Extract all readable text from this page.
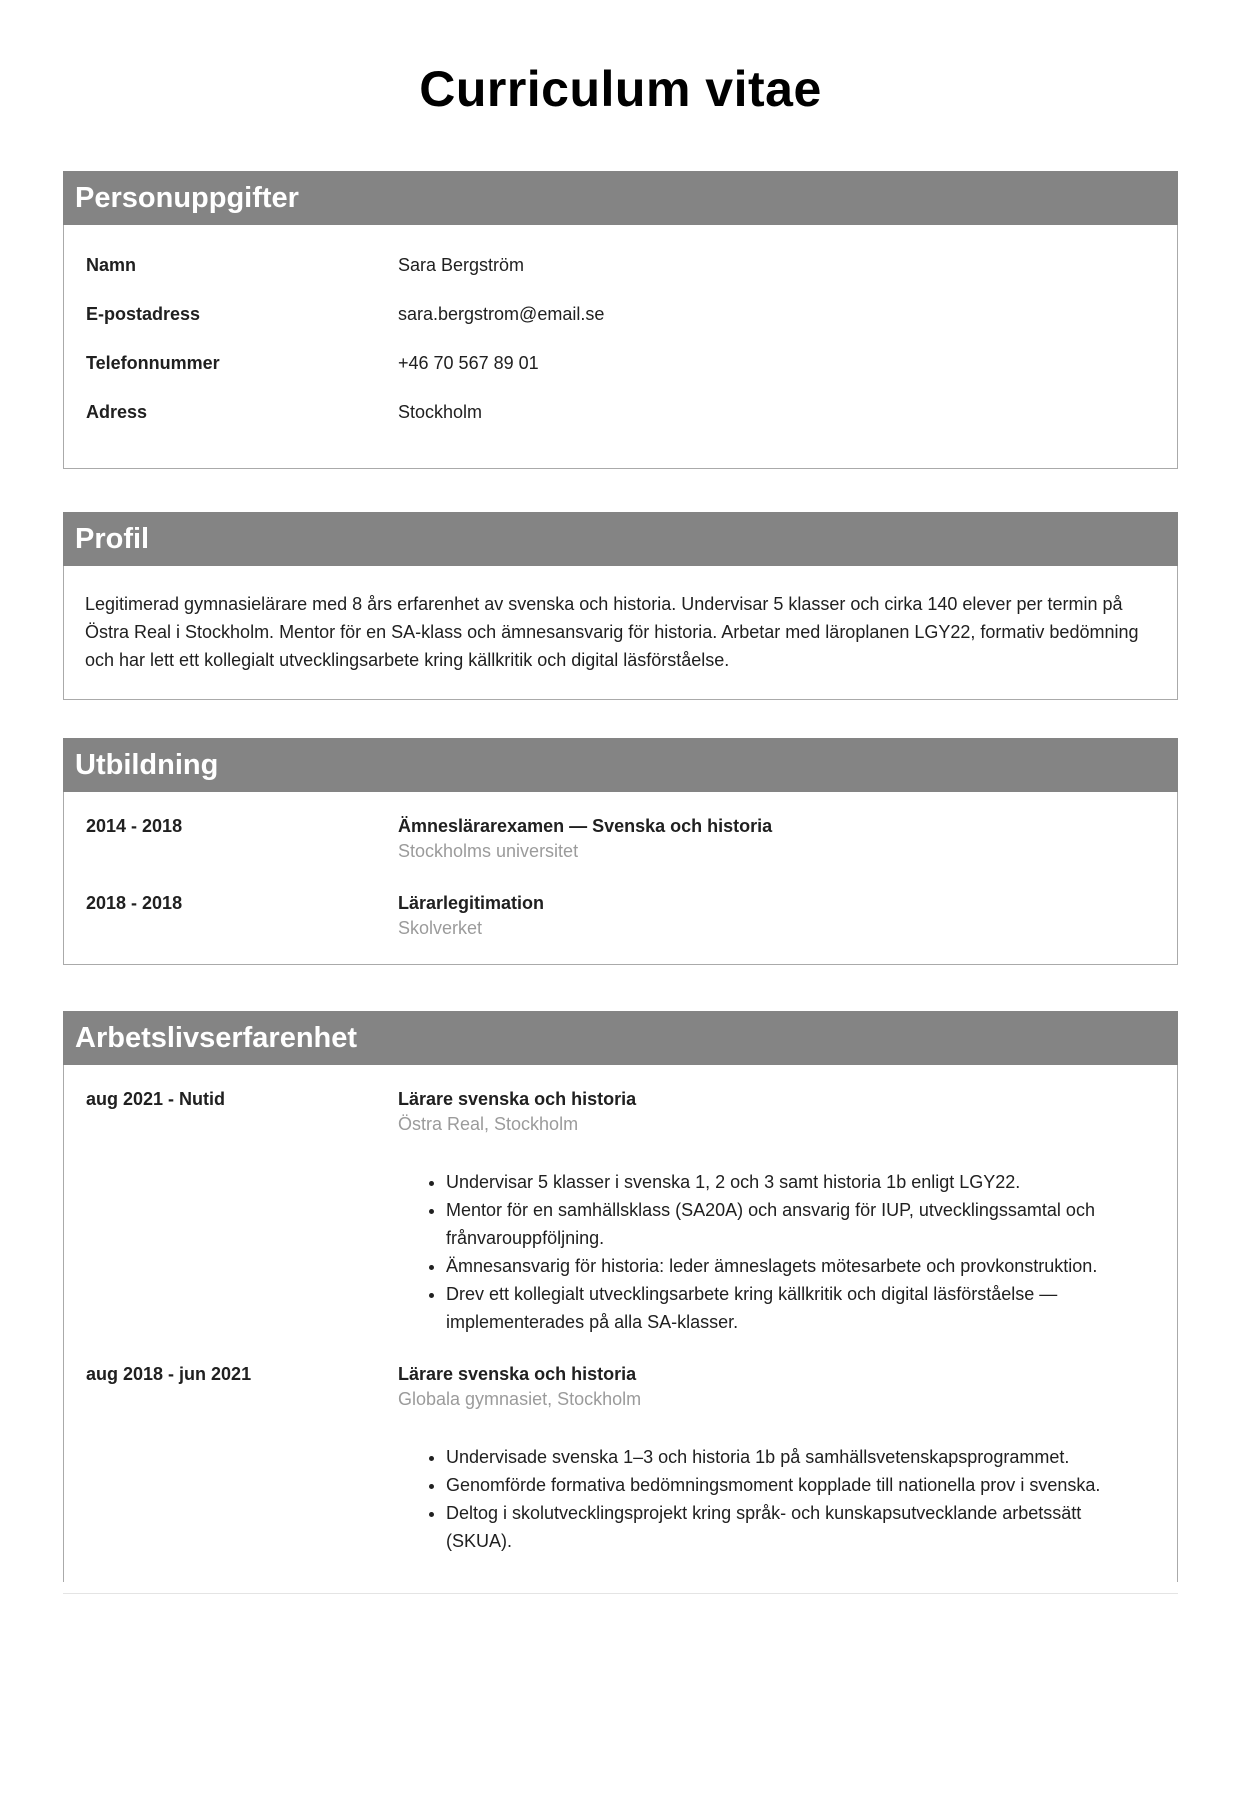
Curriculum vitae
Personuppgifter
Namn	Sara Bergström
E-postadress	sara.bergstrom@email.se
Telefonnummer	+46 70 567 89 01
Adress	Stockholm
Profil

Legitimerad gymnasielärare med 8 års erfarenhet av svenska och historia. Undervisar 5 klasser och cirka 140 elever per termin på Östra Real i Stockholm. Mentor för en SA-klass och ämnesansvarig för historia. Arbetar med läroplanen LGY22, formativ bedömning och har lett ett kollegialt utvecklingsarbete kring källkritik och digital läsförståelse.

Utbildning
2014 - 2018	Ämneslärarexamen — Svenska och historia
Stockholms universitet
2018 - 2018	Lärarlegitimation
Skolverket
Arbetslivserfarenhet
aug 2021 - Nutid	Lärare svenska och historia
Östra Real, Stockholm
• Undervisar 5 klasser i svenska 1, 2 och 3 samt historia 1b enligt LGY22.
• Mentor för en samhällsklass (SA20A) och ansvarig för IUP, utvecklingssamtal och frånvarouppföljning.
• Ämnesansvarig för historia: leder ämneslagets mötesarbete och provkonstruktion.
• Drev ett kollegialt utvecklingsarbete kring källkritik och digital läsförståelse — implementerades på alla SA-klasser.
aug 2018 - jun 2021	Lärare svenska och historia
Globala gymnasiet, Stockholm
• Undervisade svenska 1–3 och historia 1b på samhällsvetenskapsprogrammet.
• Genomförde formativa bedömningsmoment kopplade till nationella prov i svenska.
• Deltog i skolutvecklingsprojekt kring språk- och kunskapsutvecklande arbetssätt (SKUA).
